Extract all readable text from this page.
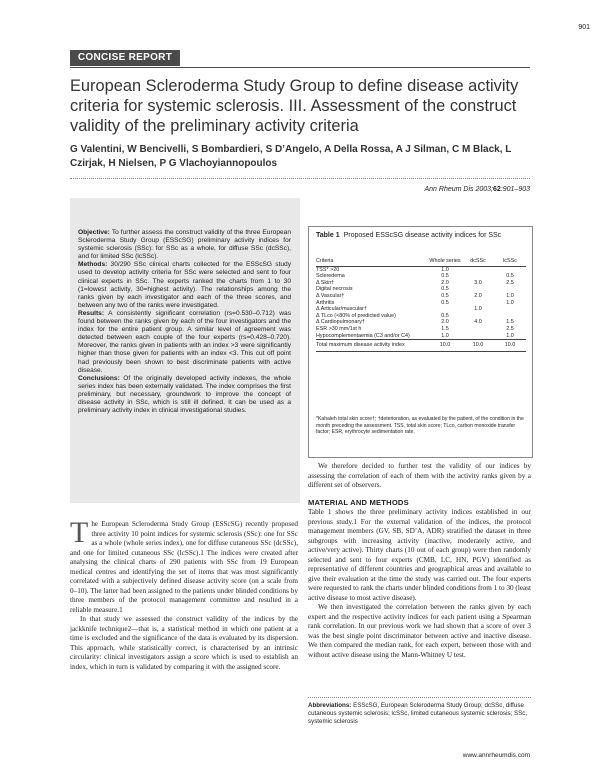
901
CONCISE REPORT
European Scleroderma Study Group to define disease activity criteria for systemic sclerosis. III. Assessment of the construct validity of the preliminary activity criteria
G Valentini, W Bencivelli, S Bombardieri, S D’Angelo, A Della Rossa, A J Silman, C M Black, L Czirjak, H Nielsen, P G Vlachoyiannopoulos
Ann Rheum Dis 2003;62:901–903

Objective: To further assess the construct validity of the three European Scleroderma Study Group (ESScSG) preliminary activity indices for systemic sclerosis (SSc): for SSc as a whole, for diffuse SSc (dcSSc), and for limited SSc (lcSSc).

Methods: 30/290 SSc clinical charts collected for the ESScSG study used to develop activity criteria for SSc were selected and sent to four clinical experts in SSc. The experts ranked the charts from 1 to 30 (1=lowest activity, 30=highest activity). The relationships among the ranks given by each investigator and each of the three scores, and between any two of the ranks were investigated.

Results: A consistently significant correlation (rs=0.530–0.712) was found between the ranks given by each of the four investigators and the index for the entire patient group. A similar level of agreement was detected between each couple of the four experts (rs=0.428–0.720). Moreover, the ranks given in patients with an index >3 were significantly higher than those given for patients with an index <3. This cut off point had previously been shown to best discriminate patients with active disease.

Conclusions: Of the originally developed activity indexes, the whole series index has been externally validated. The index comprises the first preliminary, but necessary, groundwork to improve the concept of disease activity in SSc, which is still ill defined. It can be used as a preliminary activity index in clinical investigational studies.

Table 1 Proposed ESScSG disease activity indices for SSc
Criteria	Whole series	dcSSc	lcSSc
TSS* >20	1.0		
Scleredema	0.5		0.5
Δ Skin†	2.0	3.0	2.5
Digital necrosis	0.5		
Δ Vascular†	0.5	2.0	1.0
Arthritis	0.5		1.0
Δ Articular/muscular†		1.0	
Δ TLco (<80% of predicted value)	0.5		
Δ Cardiopulmonary†	2.0	4.0	1.5
ESR >30 mm/1st h	1.5		2.5
Hypocomplementaemia (C3 and/or C4)	1.0		1.0
Total maximum disease activity index	10.0	10.0	10.0

*Kahaleh total skin score†; †deterioration, as evaluated by the patient, of the condition in the month preceding the assessment. TSS, total skin score; TLco, carbon monoxide transfer factor; ESR, erythrocyte sedimentation rate.

The European Scleroderma Study Group (ESScSG) recently proposed three activity 10 point indices for systemic sclerosis (SSc): one for SSc as a whole (whole series index), one for diffuse cutaneous SSc (dcSSc), and one for limited cutaneous SSc (lcSSc).1 The indices were created after analysing the clinical charts of 290 patients with SSc from 19 European medical centres and identifying the set of items that was most significantly correlated with a subjectively defined disease activity score (on a scale from 0–10). The latter had been assigned to the patients under blinded conditions by three members of the protocol management committee and resulted in a reliable measure.1

In that study we assessed the construct validity of the indices by the jackknife technique2—that is, a statistical method in which one patient at a time is excluded and the significance of the data is evaluated by its dispersion. This approach, while statistically correct, is characterised by an intrinsic circularity: clinical investigators assign a score which is used to establish an index, which in turn is validated by comparing it with the assigned score.

We therefore decided to further test the validity of our indices by assessing the correlation of each of them with the activity ranks given by a different set of observers.

MATERIAL AND METHODS

Table 1 shows the three preliminary activity indices established in our previous study.1 For the external validation of the indices, the protocol management members (GV, SB, SD’A, ADR) stratified the dataset in three subgroups with increasing activity (inactive, moderately active, and active/very active). Thirty charts (10 out of each group) were then randomly selected and sent to four experts (CMB, LC, HN, PGV) identified as representative of different countries and geographical areas and available to give their evaluation at the time the study was carried out. The four experts were requested to rank the charts under blinded conditions from 1 to 30 (least active disease to most active disease).

We then investigated the correlation between the ranks given by each expert and the respective activity indices for each patient using a Spearman rank correlation. In our previous work we had shown that a score of over 3 was the best single point discriminator between active and inactive disease. We then compared the median rank, for each expert, between those with and without active disease using the Mann-Whitney U test.

Abbreviations: ESScSG, European Scleroderma Study Group; dcSSc, diffuse cutaneous systemic sclerosis; lcSSc, limited cutaneous systemic sclerosis; SSc, systemic sclerosis
www.annrheumdis.com
